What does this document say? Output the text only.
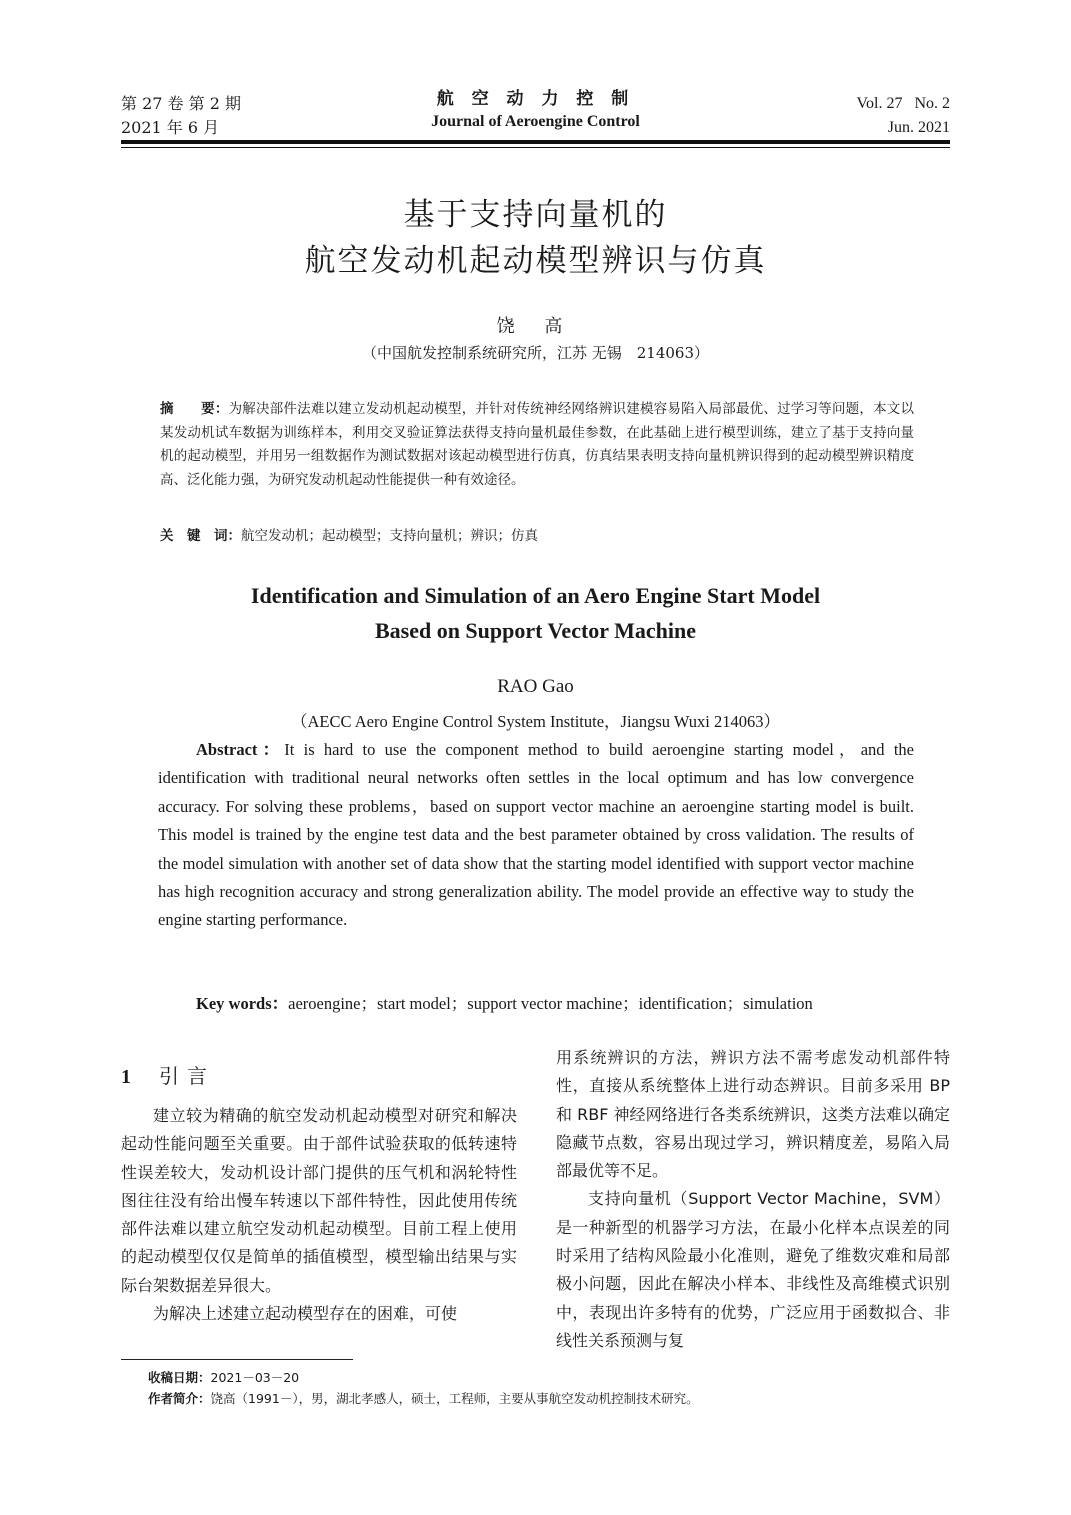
第 27 卷 第 2 期
2021 年 6 月
航 空 动 力 控 制
Journal of Aeroengine Control
Vol. 27   No. 2
Jun. 2021
基于支持向量机的
航空发动机起动模型辨识与仿真
饶 高
（中国航发控制系统研究所，江苏 无锡　214063）
摘　　要：为解决部件法难以建立发动机起动模型，并针对传统神经网络辨识建模容易陷入局部最优、过学习等问题，本文以某发动机试车数据为训练样本，利用交叉验证算法获得支持向量机最佳参数，在此基础上进行模型训练，建立了基于支持向量机的起动模型，并用另一组数据作为测试数据对该起动模型进行仿真，仿真结果表明支持向量机辨识得到的起动模型辨识精度高、泛化能力强，为研究发动机起动性能提供一种有效途径。
关　键　词：航空发动机；起动模型；支持向量机；辨识；仿真
Identification and Simulation of an Aero Engine Start Model
Based on Support Vector Machine
RAO Gao
（AECC Aero Engine Control System Institute，Jiangsu Wuxi 214063）
Abstract：It is hard to use the component method to build aeroengine starting model，and the identification with traditional neural networks often settles in the local optimum and has low convergence accuracy. For solving these problems，based on support vector machine an aeroengine starting model is built. This model is trained by the engine test data and the best parameter obtained by cross validation. The results of the model simulation with another set of data show that the starting model identified with support vector machine has high recognition accuracy and strong generalization ability. The model provide an effective way to study the engine starting performance.
Key words：aeroengine；start model；support vector machine；identification；simulation
1 引言

建立较为精确的航空发动机起动模型对研究和解决起动性能问题至关重要。由于部件试验获取的低转速特性误差较大，发动机设计部门提供的压气机和涡轮特性图往往没有给出慢车转速以下部件特性，因此使用传统部件法难以建立航空发动机起动模型。目前工程上使用的起动模型仅仅是简单的插值模型，模型输出结果与实际台架数据差异很大。

为解决上述建立起动模型存在的困难，可使

用系统辨识的方法，辨识方法不需考虑发动机部件特性，直接从系统整体上进行动态辨识。目前多采用 BP 和 RBF 神经网络进行各类系统辨识，这类方法难以确定隐藏节点数，容易出现过学习，辨识精度差，易陷入局部最优等不足。

支持向量机（Support Vector Machine，SVM）是一种新型的机器学习方法，在最小化样本点误差的同时采用了结构风险最小化准则，避免了维数灾难和局部极小问题，因此在解决小样本、非线性及高维模式识别中，表现出许多特有的优势，广泛应用于函数拟合、非线性关系预测与复

收稿日期：2021－03－20
作者简介：饶高（1991－），男，湖北孝感人，硕士，工程师，主要从事航空发动机控制技术研究。
